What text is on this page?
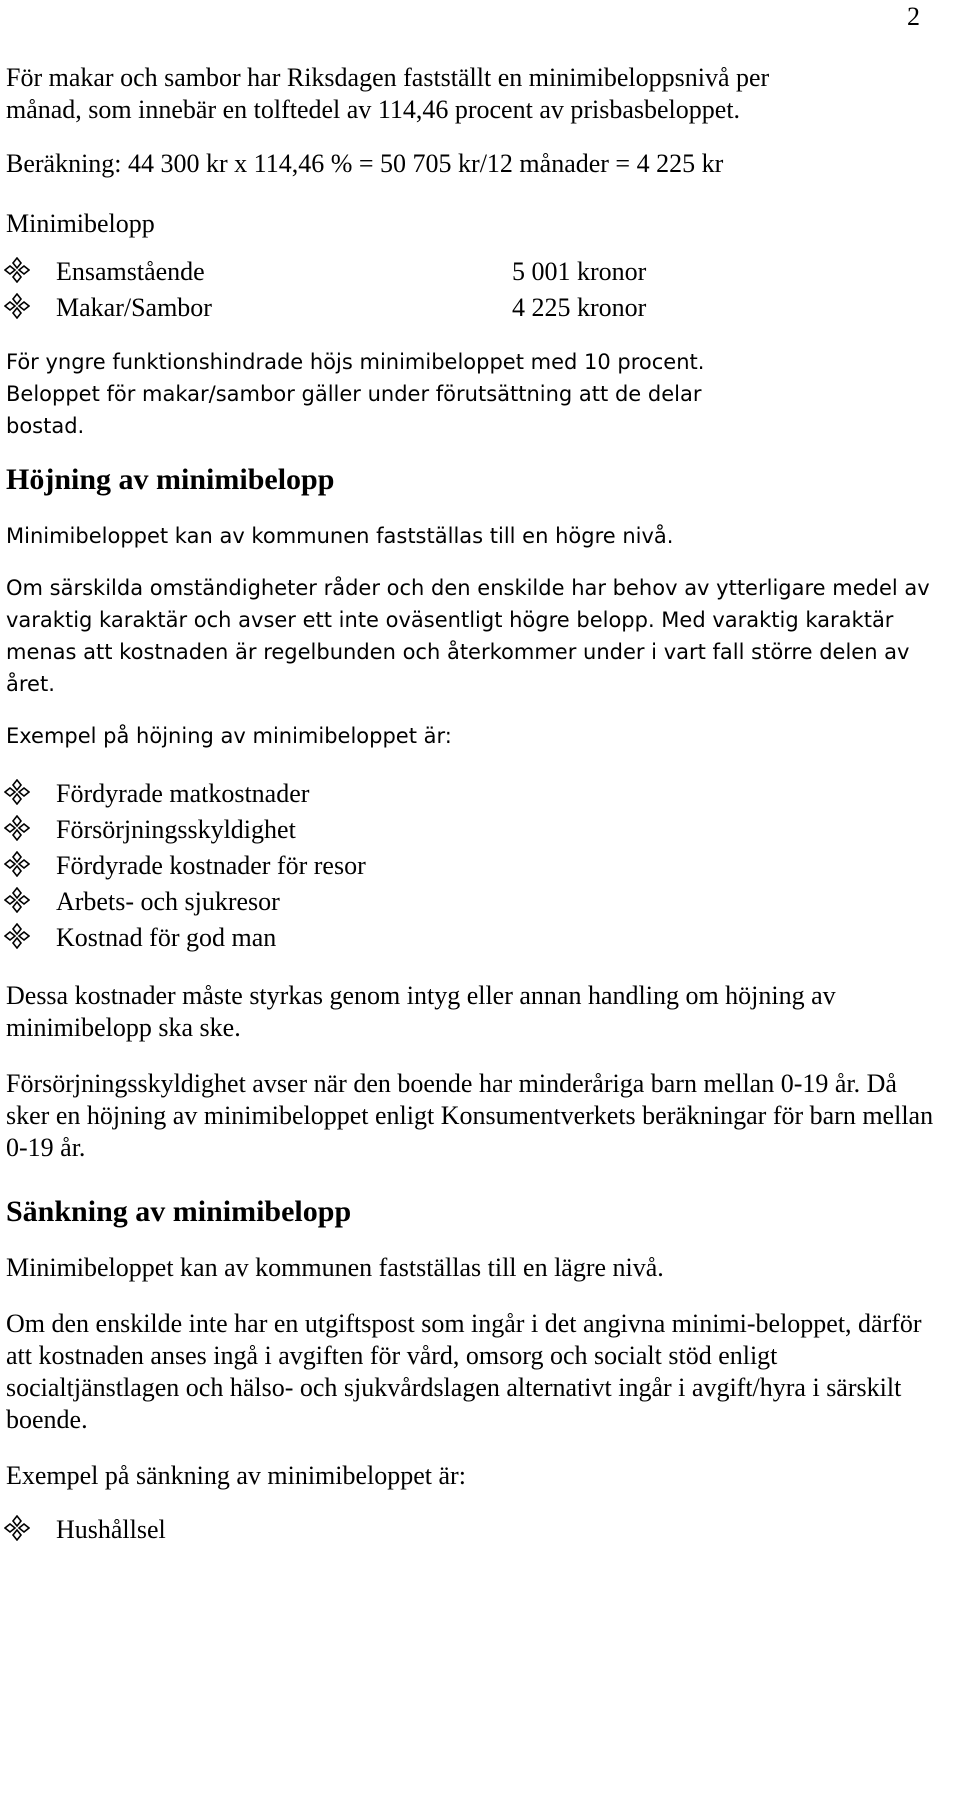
2

För makar och sambor har Riksdagen fastställt en minimibeloppsnivå per månad, som innebär en tolftedel av 114,46 procent av prisbasbeloppet.

Beräkning: 44 300 kr x 114,46 % = 50 705 kr/12 månader = 4 225 kr

Minimibelopp

Ensamstående	5 001 kronor
Makar/Sambor	4 225 kronor

För yngre funktionshindrade höjs minimibeloppet med 10 procent. Beloppet för makar/sambor gäller under förutsättning att de delar bostad.

Höjning av minimibelopp

Minimibeloppet kan av kommunen fastställas till en högre nivå.

Om särskilda omständigheter råder och den enskilde har behov av ytterligare medel av varaktig karaktär och avser ett inte oväsentligt högre belopp. Med varaktig karaktär menas att kostnaden är regelbunden och återkommer under i vart fall större delen av året.

Exempel på höjning av minimibeloppet är:

Fördyrade matkostnader
Försörjningsskyldighet
Fördyrade kostnader för resor
Arbets- och sjukresor
Kostnad för god man

Dessa kostnader måste styrkas genom intyg eller annan handling om höjning av minimibelopp ska ske.

Försörjningsskyldighet avser när den boende har minderåriga barn mellan 0-19 år. Då sker en höjning av minimibeloppet enligt Konsumentverkets beräkningar för barn mellan 0-19 år.

Sänkning av minimibelopp

Minimibeloppet kan av kommunen fastställas till en lägre nivå.

Om den enskilde inte har en utgiftspost som ingår i det angivna minimi-beloppet, därför att kostnaden anses ingå i avgiften för vård, omsorg och socialt stöd enligt socialtjänstlagen och hälso- och sjukvårdslagen alternativt ingår i avgift/hyra i särskilt boende.

Exempel på sänkning av minimibeloppet är:

Hushållsel
